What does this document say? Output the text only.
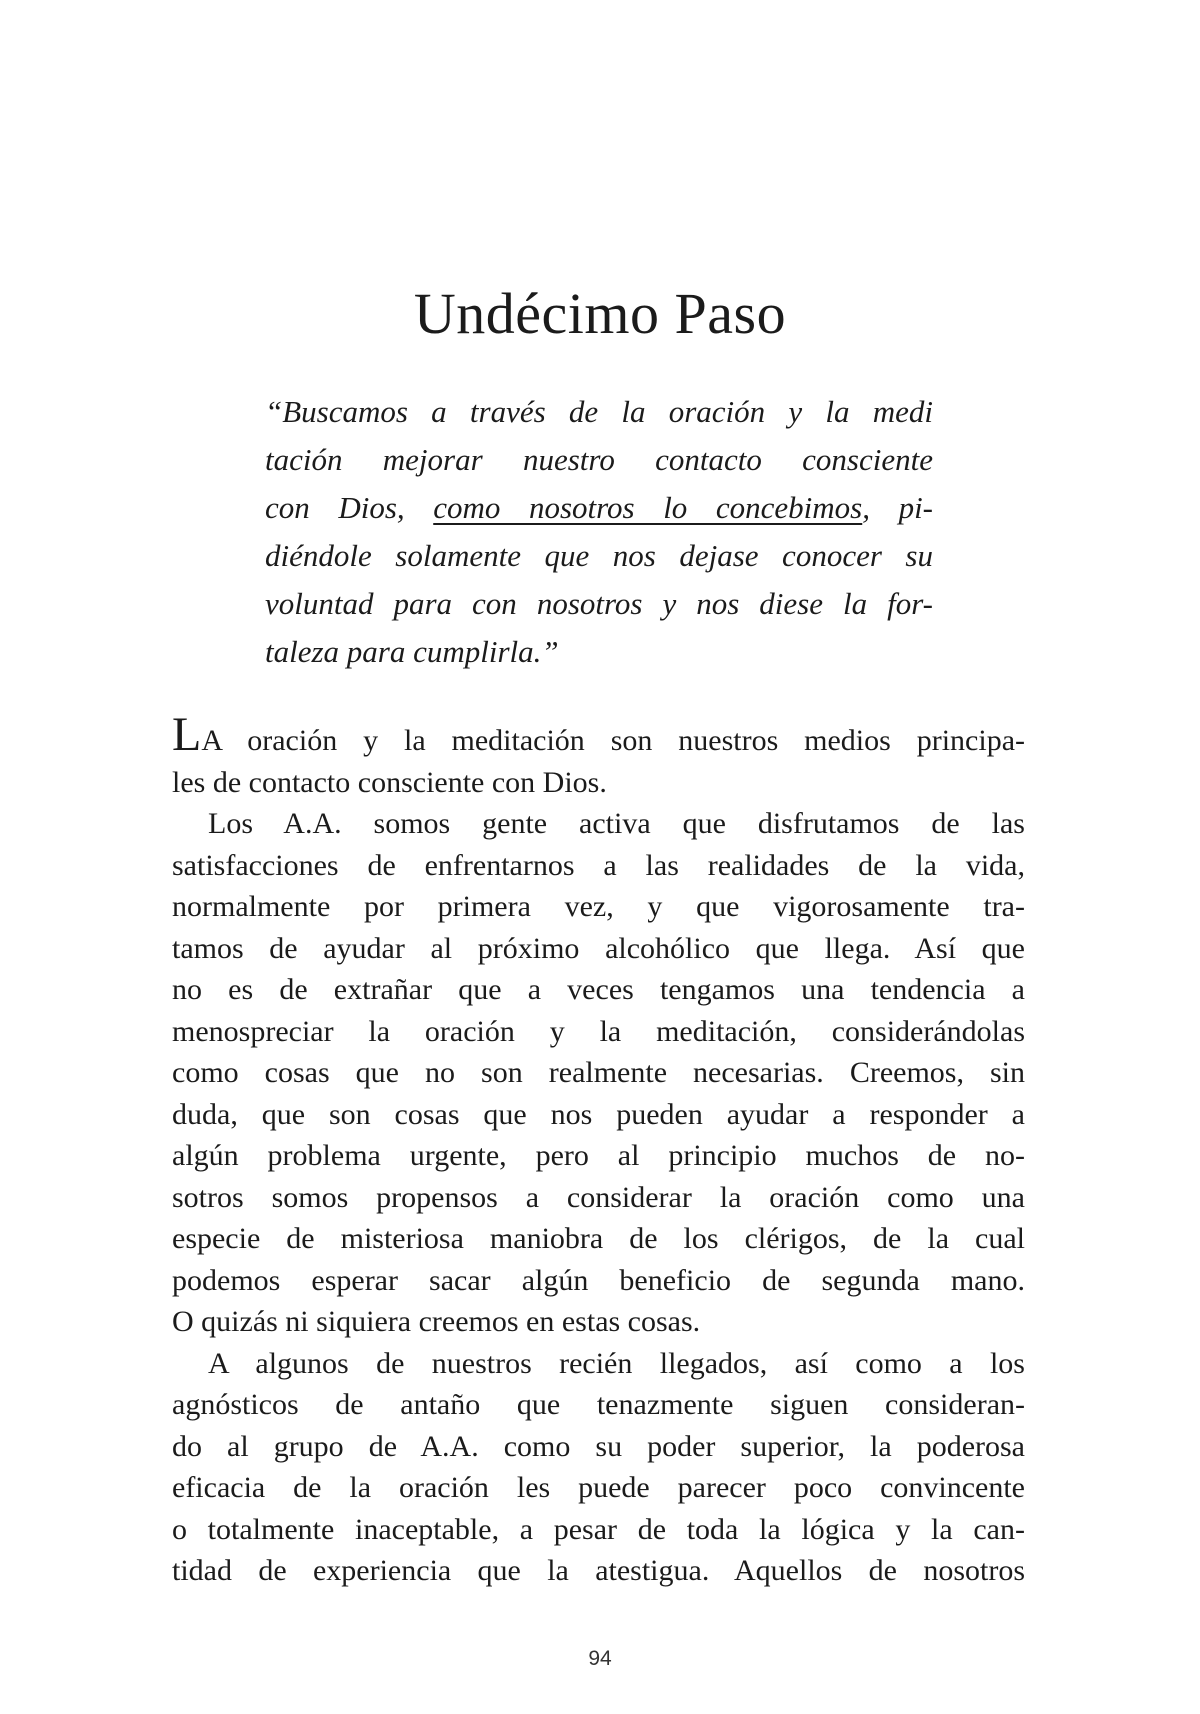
Undécimo Paso
“Buscamos a través de la oración y la medi
tación mejorar nuestro contacto consciente
con Dios, como nosotros lo concebimos, pi-
diéndole solamente que nos dejase conocer su
voluntad para con nosotros y nos diese la for-
taleza para cumplirla.”
LA oración y la meditación son nuestros medios principa-
les de contacto consciente con Dios.
Los A.A. somos gente activa que disfrutamos de las
satisfacciones de enfrentarnos a las realidades de la vida,
normalmente por primera vez, y que vigorosamente tra-
tamos de ayudar al próximo alcohólico que llega. Así que
no es de extrañar que a veces tengamos una tendencia a
menospreciar la oración y la meditación, considerándolas
como cosas que no son realmente necesarias. Creemos, sin
duda, que son cosas que nos pueden ayudar a responder a
algún problema urgente, pero al principio muchos de no-
sotros somos propensos a considerar la oración como una
especie de misteriosa maniobra de los clérigos, de la cual
podemos esperar sacar algún beneficio de segunda mano.
O quizás ni siquiera creemos en estas cosas.
A algunos de nuestros recién llegados, así como a los
agnósticos de antaño que tenazmente siguen consideran-
do al grupo de A.A. como su poder superior, la poderosa
eficacia de la oración les puede parecer poco convincente
o totalmente inaceptable, a pesar de toda la lógica y la can-
tidad de experiencia que la atestigua. Aquellos de nosotros
94
